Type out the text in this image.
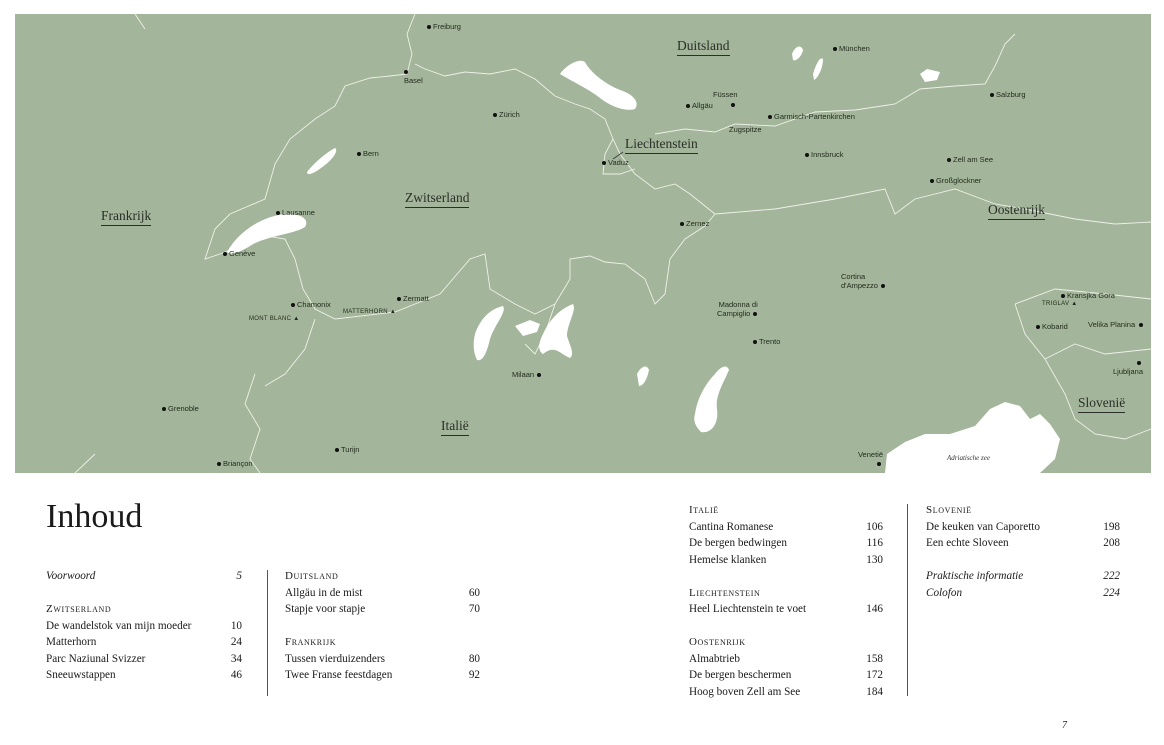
Duitsland
Liechtenstein
Zwitserland
Frankrijk	Oostenrijk
Italië
Slovenië
Freiburg

Basel
München
Salzburg
Füssen
Allgäu
Garmisch-Partenkirchen
Zugspitze
Zürich
Bern
Vaduz
Innsbruck
Zell am See
Großglockner
Lausanne
Genève
Zernez
Cortina
d'Ampezzo
Chamonix
Zermatt
Madonna di
Campiglio
Kransjka Gora
Kobarid	Velika Planina
Trento

Ljubljana
Milaan
Grenoble
Turijn
Briançon
Venetië

MONT BLANC ▲
MATTERHORN ▲
TRIGLAV ▲
Adriatische zee
Inhoud
Voorwoord	5
Zwitserland
De wandelstok van mijn moeder	10
Matterhorn	24
Parc Naziunal Svizzer	34
Sneeuwstappen	46
Duitsland
Allgäu in de mist	60
Stapje voor stapje	70
Frankrijk
Tussen vierduizenders	80
Twee Franse feestdagen	92
Italië
Cantina Romanese	106
De bergen bedwingen	116
Hemelse klanken	130
Liechtenstein
Heel Liechtenstein te voet	146
Oostenrijk
Almabtrieb	158
De bergen beschermen	172
Hoog boven Zell am See	184
Slovenië
De keuken van Caporetto	198
Een echte Sloveen	208
Praktische informatie	222
Colofon	224
7
